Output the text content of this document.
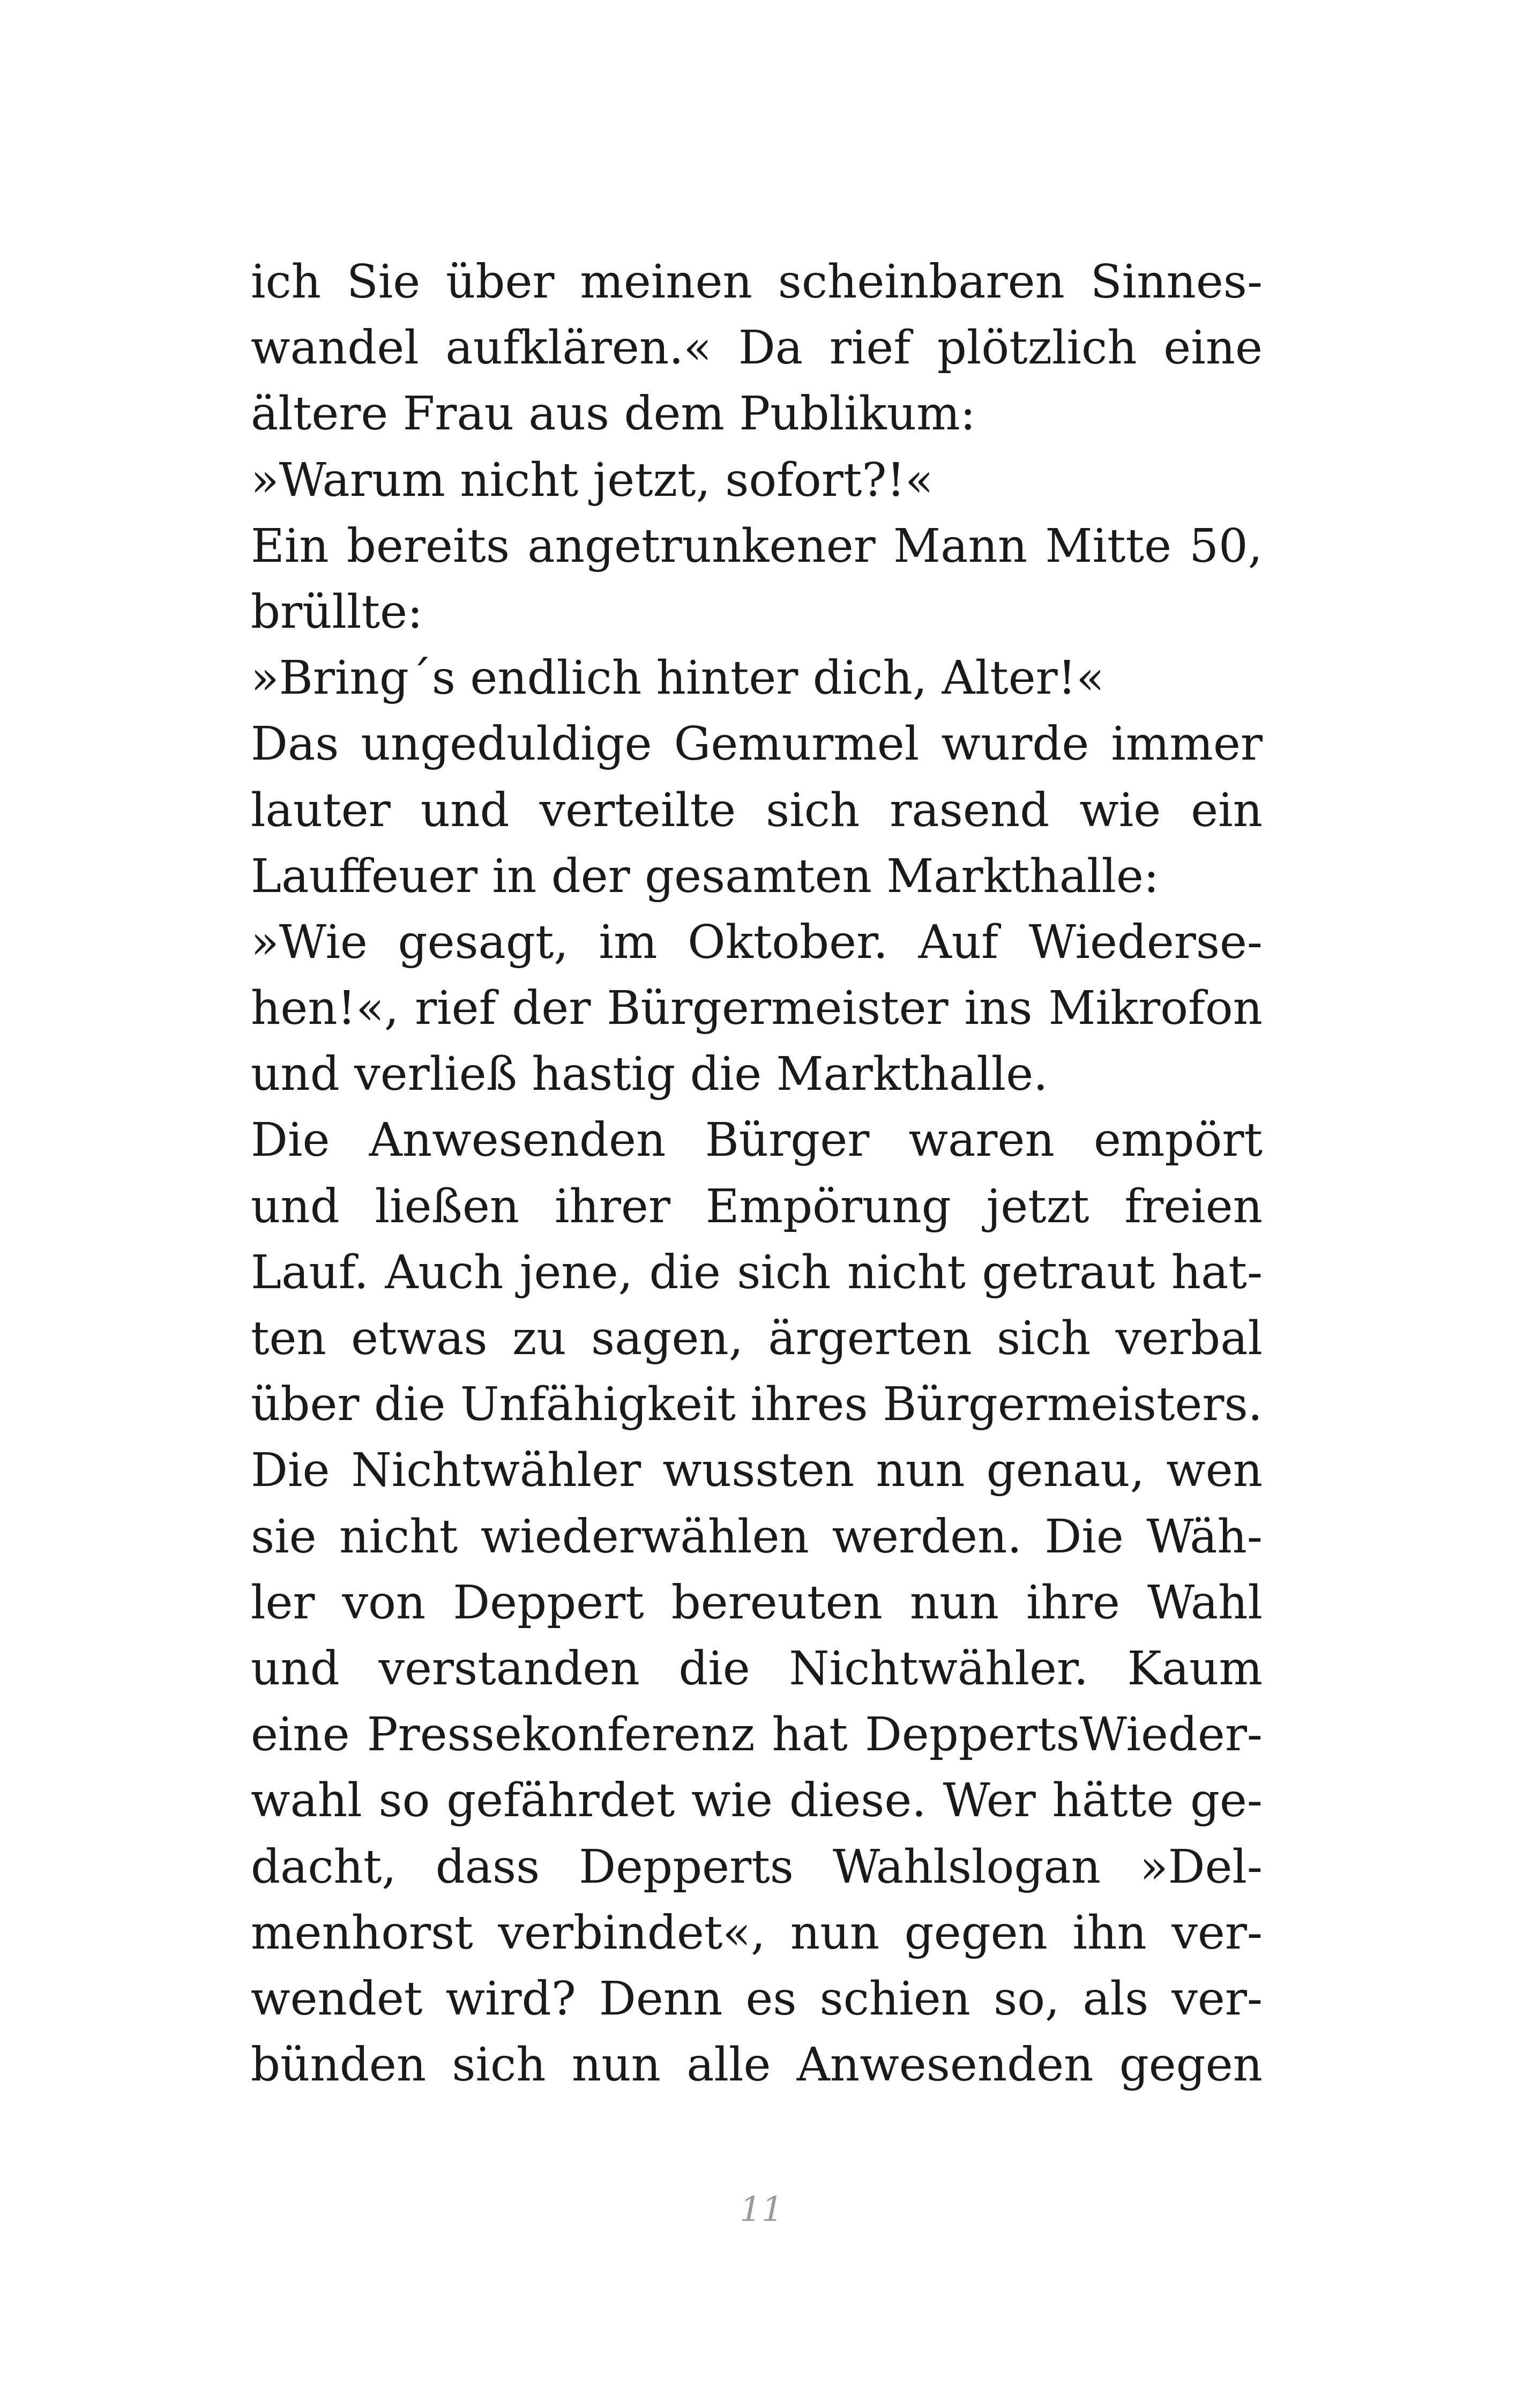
ich Sie über meinen scheinbaren Sinnes-
wandel aufklären.« Da rief plötzlich eine
ältere Frau aus dem Publikum:
»Warum nicht jetzt, sofort?!«
Ein bereits angetrunkener Mann Mitte 50,
brüllte:
»Bring´s endlich hinter dich, Alter!«
Das ungeduldige Gemurmel wurde immer
lauter und verteilte sich rasend wie ein
Lauffeuer in der gesamten Markthalle:
»Wie gesagt, im Oktober. Auf Wiederse-
hen!«, rief der Bürgermeister ins Mikrofon
und verließ hastig die Markthalle.
Die Anwesenden Bürger waren empört
und ließen ihrer Empörung jetzt freien
Lauf. Auch jene, die sich nicht getraut hat-
ten etwas zu sagen, ärgerten sich verbal
über die Unfähigkeit ihres Bürgermeisters.
Die Nichtwähler wussten nun genau, wen
sie nicht wiederwählen werden. Die Wäh-
ler von Deppert bereuten nun ihre Wahl
und verstanden die Nichtwähler. Kaum
eine Pressekonferenz hat DeppertsWieder-
wahl so gefährdet wie diese. Wer hätte ge-
dacht, dass Depperts Wahlslogan »Del-
menhorst verbindet«, nun gegen ihn ver-
wendet wird? Denn es schien so, als ver-
bünden sich nun alle Anwesenden gegen
11
